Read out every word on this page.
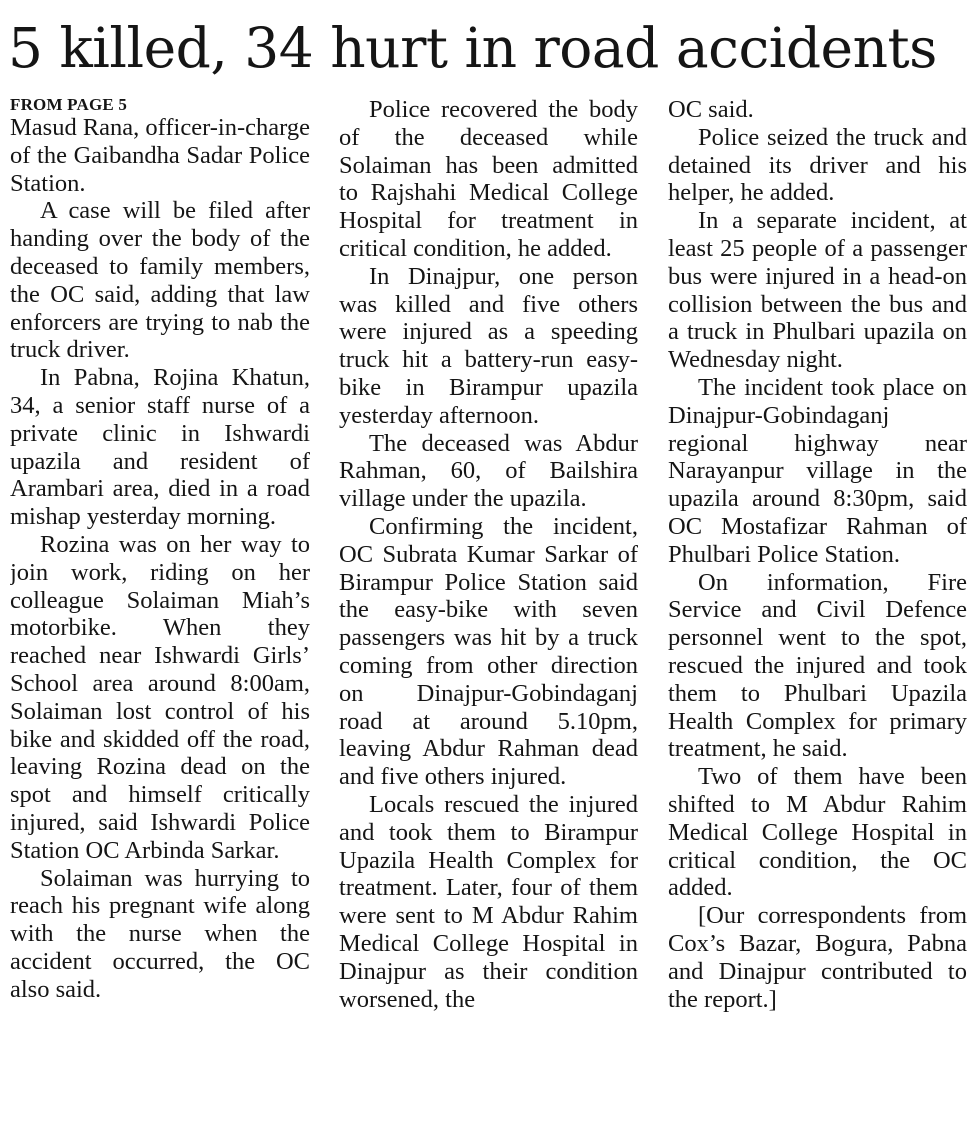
5 killed, 34 hurt in road accidents
FROM PAGE 5

Masud Rana, officer-in-charge of the Gaibandha Sadar Police Station.

A case will be filed after handing over the body of the deceased to family members, the OC said, adding that law enforcers are trying to nab the truck driver.

In Pabna, Rojina Khatun, 34, a senior staff nurse of a private clinic in Ishwardi upazila and resident of Arambari area, died in a road mishap yesterday morning.

Rozina was on her way to join work, riding on her colleague Solaiman Miah’s motorbike. When they reached near Ishwardi Girls’ School area around 8:00am, Solaiman lost control of his bike and skidded off the road, leaving Rozina dead on the spot and himself critically injured, said Ishwardi Police Station OC Arbinda Sarkar.

Solaiman was hurrying to reach his pregnant wife along with the nurse when the accident occurred, the OC also said.

Police recovered the body of the deceased while Solaiman has been admitted to Rajshahi Medical College Hospital for treatment in critical condition, he added.

In Dinajpur, one person was killed and five others were injured as a speeding truck hit a battery-run easy-bike in Birampur upazila yesterday afternoon.

The deceased was Abdur Rahman, 60, of Bailshira village under the upazila.

Confirming the incident, OC Subrata Kumar Sarkar of Birampur Police Station said the easy-bike with seven passengers was hit by a truck coming from other direction on Dinajpur-Gobindaganj road at around 5.10pm, leaving Abdur Rahman dead and five others injured.

Locals rescued the injured and took them to Birampur Upazila Health Complex for treatment. Later, four of them were sent to M Abdur Rahim Medical College Hospital in Dinajpur as their condition worsened, the

OC said.

Police seized the truck and detained its driver and his helper, he added.

In a separate incident, at least 25 people of a passenger bus were injured in a head-on collision between the bus and a truck in Phulbari upazila on Wednesday night.

The incident took place on Dinajpur-Gobindaganj regional highway near Narayanpur village in the upazila around 8:30pm, said OC Mostafizar Rahman of Phulbari Police Station.

On information, Fire Service and Civil Defence personnel went to the spot, rescued the injured and took them to Phulbari Upazila Health Complex for primary treatment, he said.

Two of them have been shifted to M Abdur Rahim Medical College Hospital in critical condition, the OC added.

[Our correspondents from Cox’s Bazar, Bogura, Pabna and Dinajpur contributed to the report.]
